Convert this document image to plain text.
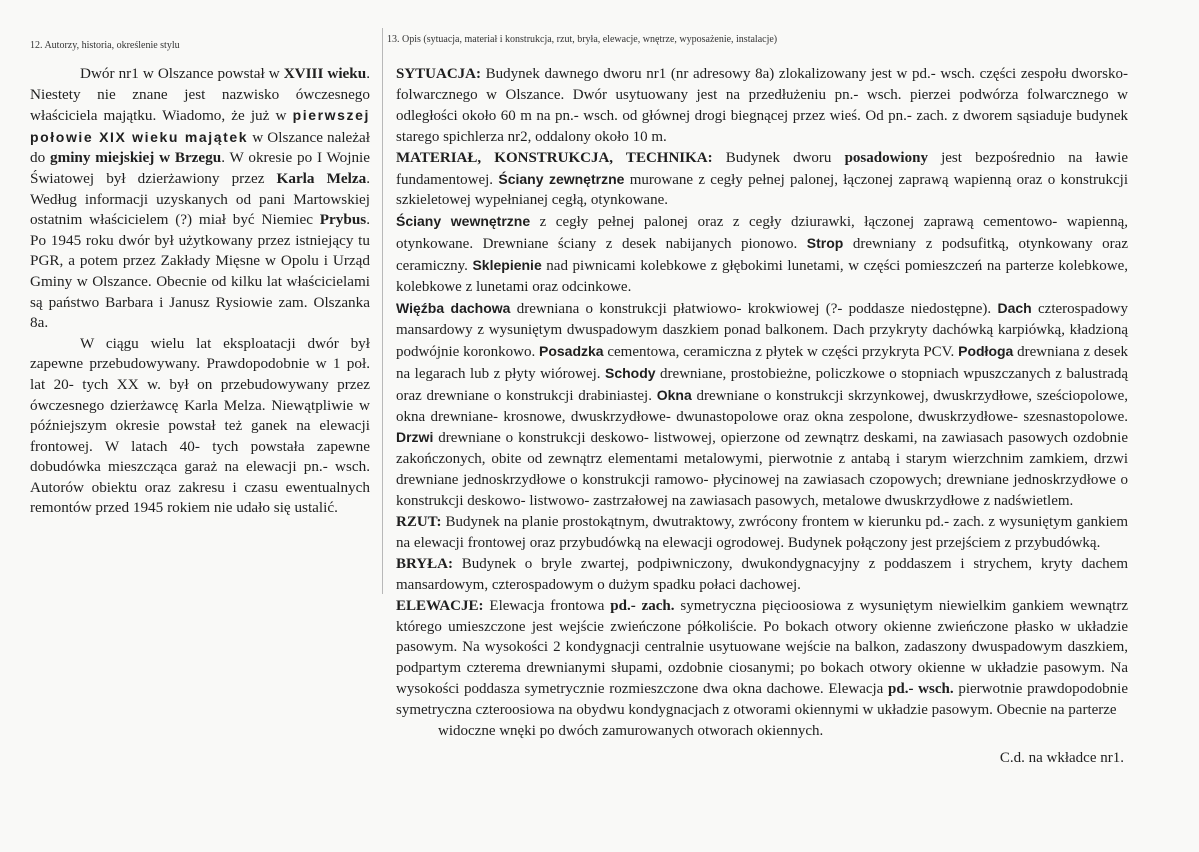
12. Autorzy, historia, określenie stylu
13. Opis (sytuacja, materiał i konstrukcja, rzut, bryła, elewacje, wnętrze, wyposażenie, instalacje)

Dwór nr1 w Olszance powstał w XVIII wieku. Niestety nie znane jest nazwisko ówczesnego właściciela majątku. Wiadomo, że już w pierwszej połowie XIX wieku majątek w Olszance należał do gminy miejskiej w Brzegu. W okresie po I Wojnie Światowej był dzierżawiony przez Karla Melza. Według informacji uzyskanych od pani Martowskiej ostatnim właścicielem (?) miał być Niemiec Prybus. Po 1945 roku dwór był użytkowany przez istniejący tu PGR, a potem przez Zakłady Mięsne w Opolu i Urząd Gminy w Olszance. Obecnie od kilku lat właścicielami są państwo Barbara i Janusz Rysiowie zam. Olszanka 8a.

W ciągu wielu lat eksploatacji dwór był zapewne przebudowywany. Prawdopodobnie w 1 poł. lat 20- tych XX w. był on przebudowywany przez ówczesnego dzierżawcę Karla Melza. Niewątpliwie w późniejszym okresie powstał też ganek na elewacji frontowej. W latach 40- tych powstała zapewne dobudówka mieszcząca garaż na elewacji pn.- wsch. Autorów obiektu oraz zakresu i czasu ewentualnych remontów przed 1945 rokiem nie udało się ustalić.

SYTUACJA: Budynek dawnego dworu nr1 (nr adresowy 8a) zlokalizowany jest w pd.- wsch. części zespołu dworsko- folwarcznego w Olszance. Dwór usytuowany jest na przedłużeniu pn.- wsch. pierzei podwórza folwarcznego w odległości około 60 m na pn.- wsch. od głównej drogi biegnącej przez wieś. Od pn.- zach. z dworem sąsiaduje budynek starego spichlerza nr2, oddalony około 10 m.

MATERIAŁ, KONSTRUKCJA, TECHNIKA: Budynek dworu posadowiony jest bezpośrednio na ławie fundamentowej. Ściany zewnętrzne murowane z cegły pełnej palonej, łączonej zaprawą wapienną oraz o konstrukcji szkieletowej wypełnianej cegłą, otynkowane.

Ściany wewnętrzne z cegły pełnej palonej oraz z cegły dziurawki, łączonej zaprawą cementowo- wapienną, otynkowane. Drewniane ściany z desek nabijanych pionowo. Strop drewniany z podsufitką, otynkowany oraz ceramiczny. Sklepienie nad piwnicami kolebkowe z głębokimi lunetami, w części pomieszczeń na parterze kolebkowe, kolebkowe z lunetami oraz odcinkowe.

Więźba dachowa drewniana o konstrukcji płatwiowo- krokwiowej (?- poddasze niedostępne). Dach czterospadowy mansardowy z wysuniętym dwuspadowym daszkiem ponad balkonem. Dach przykryty dachówką karpiówką, kładzioną podwójnie koronkowo. Posadzka cementowa, ceramiczna z płytek w części przykryta PCV. Podłoga drewniana z desek na legarach lub z płyty wiórowej. Schody drewniane, prostobieżne, policzkowe o stopniach wpuszczanych z balustradą oraz drewniane o konstrukcji drabiniastej. Okna drewniane o konstrukcji skrzynkowej, dwuskrzydłowe, sześciopolowe, okna drewniane- krosnowe, dwuskrzydłowe- dwunastopolowe oraz okna zespolone, dwuskrzydłowe- szesnastopolowe. Drzwi drewniane o konstrukcji deskowo- listwowej, opierzone od zewnątrz deskami, na zawiasach pasowych ozdobnie zakończonych, obite od zewnątrz elementami metalowymi, pierwotnie z antabą i starym wierzchnim zamkiem, drzwi drewniane jednoskrzydłowe o konstrukcji ramowo- płycinowej na zawiasach czopowych; drewniane jednoskrzydłowe o konstrukcji deskowo- listwowo- zastrzałowej na zawiasach pasowych, metalowe dwuskrzydłowe z nadświetlem.

RZUT: Budynek na planie prostokątnym, dwutraktowy, zwrócony frontem w kierunku pd.- zach. z wysuniętym gankiem na elewacji frontowej oraz przybudówką na elewacji ogrodowej. Budynek połączony jest przejściem z przybudówką.

BRYŁA: Budynek o bryle zwartej, podpiwniczony, dwukondygnacyjny z poddaszem i strychem, kryty dachem mansardowym, czterospadowym o dużym spadku połaci dachowej.

ELEWACJE: Elewacja frontowa pd.- zach. symetryczna pięcioosiowa z wysuniętym niewielkim gankiem wewnątrz którego umieszczone jest wejście zwieńczone półkoliście. Po bokach otwory okienne zwieńczone płasko w układzie pasowym. Na wysokości 2 kondygnacji centralnie usytuowane wejście na balkon, zadaszony dwuspadowym daszkiem, podpartym czterema drewnianymi słupami, ozdobnie ciosanymi; po bokach otwory okienne w układzie pasowym. Na wysokości poddasza symetrycznie rozmieszczone dwa okna dachowe. Elewacja pd.- wsch. pierwotnie prawdopodobnie symetryczna czteroosiowa na obydwu kondygnacjach z otworami okiennymi w układzie pasowym. Obecnie na parterze

widoczne wnęki po dwóch zamurowanych otworach okiennych.

C.d. na wkładce nr1.
